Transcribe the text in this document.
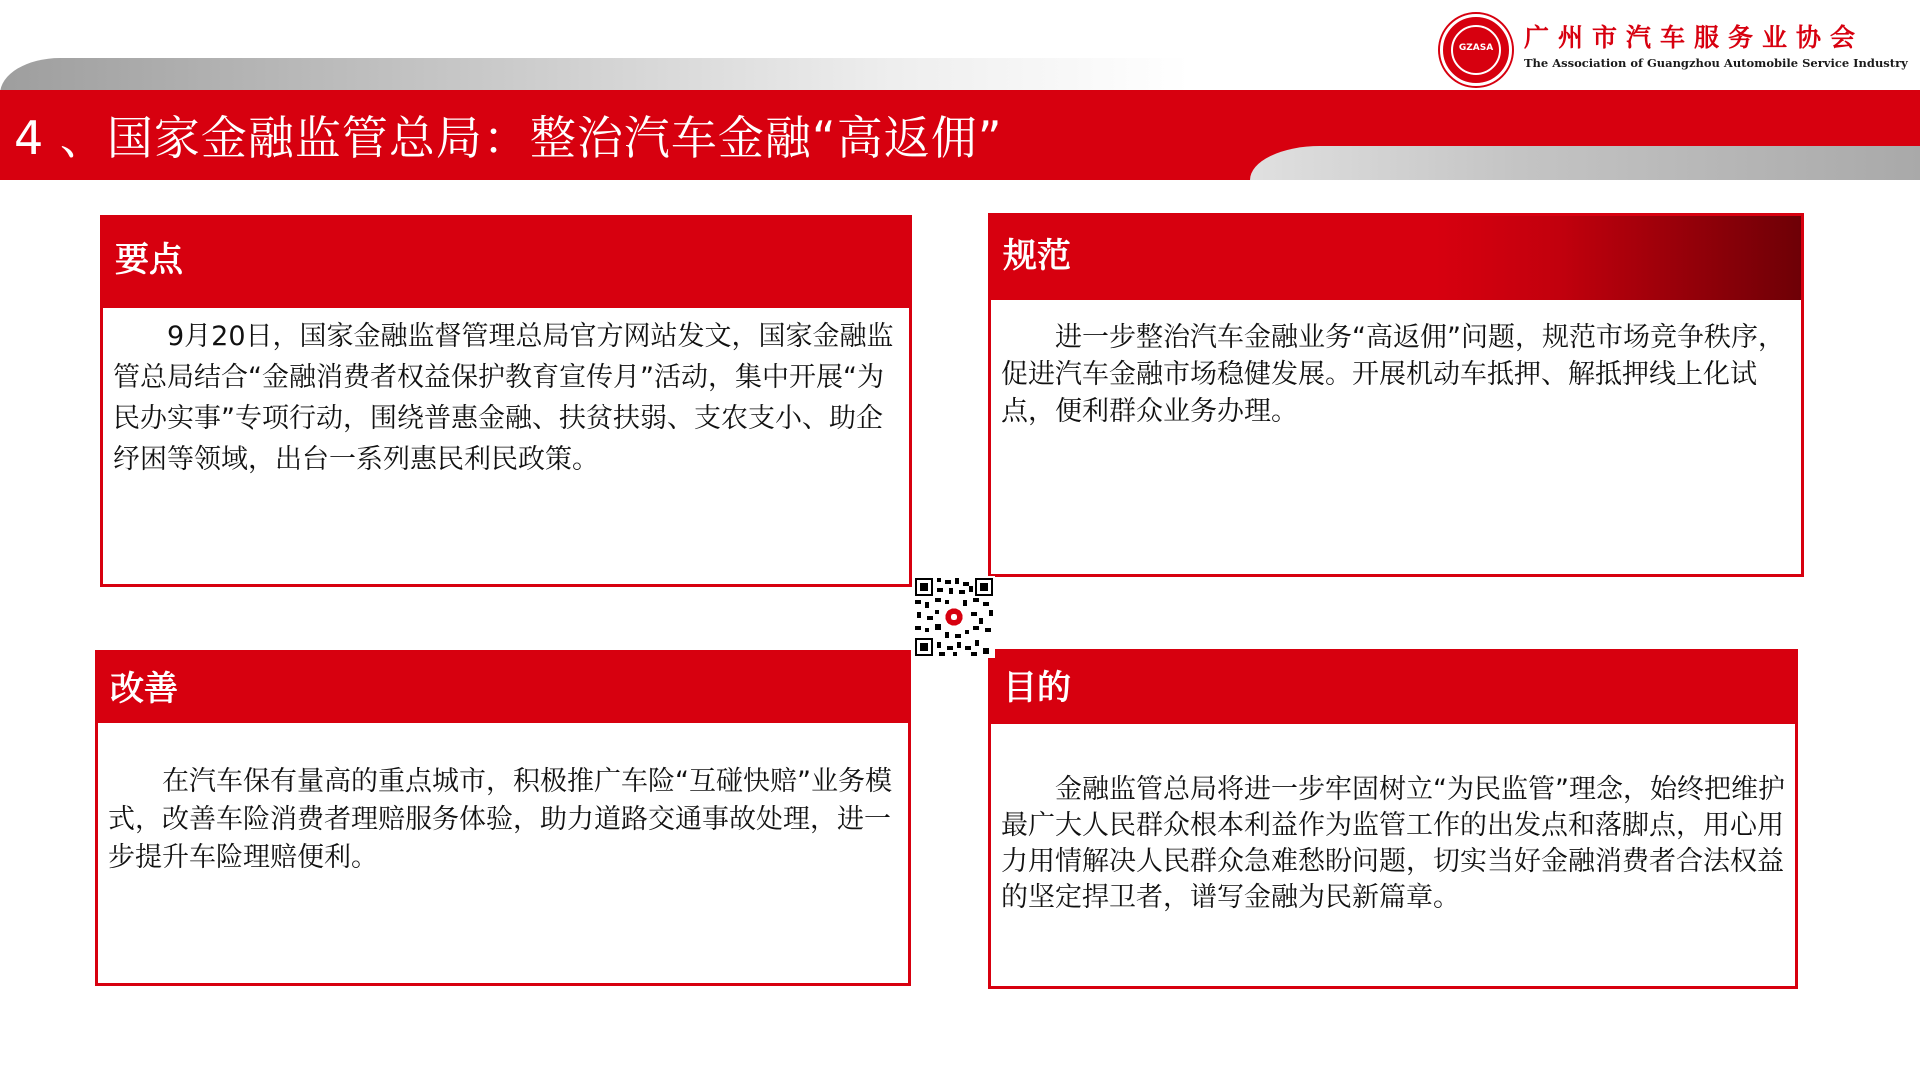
4 、国家金融监管总局：整治汽车金融“高返佣”
GZASA	广州市汽车服务业协会
The Association of Guangzhou Automobile Service Industry
要点
9月20日，国家金融监督管理总局官方网站发文，国家金融监管总局结合“金融消费者权益保护教育宣传月”活动，集中开展“为民办实事”专项行动，围绕普惠金融、扶贫扶弱、支农支小、助企纾困等领域，出台一系列惠民利民政策。
规范
进一步整治汽车金融业务“高返佣”问题，规范市场竞争秩序，促进汽车金融市场稳健发展。开展机动车抵押、解抵押线上化试点，便利群众业务办理。
改善
在汽车保有量高的重点城市，积极推广车险“互碰快赔”业务模式，改善车险消费者理赔服务体验，助力道路交通事故处理，进一步提升车险理赔便利。
目的
金融监管总局将进一步牢固树立“为民监管”理念，始终把维护最广大人民群众根本利益作为监管工作的出发点和落脚点，用心用力用情解决人民群众急难愁盼问题，切实当好金融消费者合法权益的坚定捍卫者，谱写金融为民新篇章。
